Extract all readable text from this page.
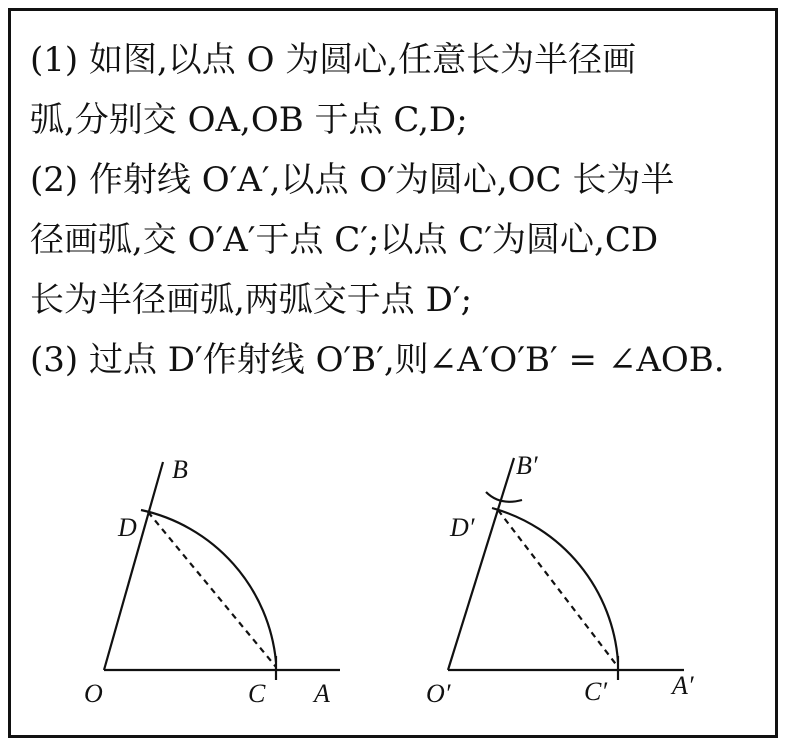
(1) 如图,以点 O 为圆心,任意长为半径画
弧,分别交 OA,OB 于点 C,D;
(2) 作射线 O′A′,以点 O′为圆心,OC 长为半
径画弧,交 O′A′于点 C′;以点 C′为圆心,CD
长为半径画弧,两弧交于点 D′;
(3) 过点 D′作射线 O′B′,则∠A′O′B′ = ∠AOB.
B
D
O	C A
B′
D′
O′	C′ A′
